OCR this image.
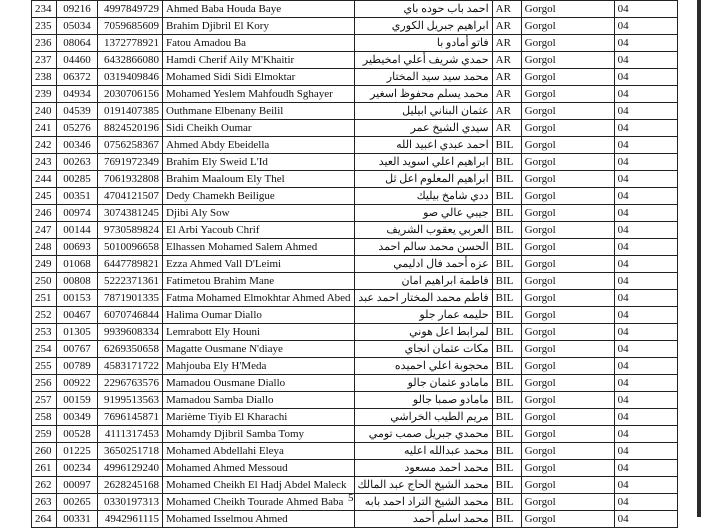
234	09216	4997849729	Ahmed Baba Houda Baye	احمد باب حوده باي	AR	Gorgol	04
235	05034	7059685609	Brahim Djibril El Kory	ابراهيم جبريل الكوري	AR	Gorgol	04
236	08064	1372778921	Fatou Amadou Ba	فاتو أمادو با	AR	Gorgol	04
237	04460	6432866080	Hamdi Cherif Aily M'Khaitir	حمدي شريف أعلي امخيطير	AR	Gorgol	04
238	06372	0319409846	Mohamed Sidi Sidi Elmoktar	محمد سيد سيد المختار	AR	Gorgol	04
239	04934	2030706156	Mohamed Yeslem Mahfoudh Sghayer	محمد يسلم محفوظ اسغير	AR	Gorgol	04
240	04539	0191407385	Outhmane Elbenany Beilil	عثمان البناني ابيليل	AR	Gorgol	04
241	05276	8824520196	Sidi Cheikh Oumar	سيدي الشيخ عمر	AR	Gorgol	04
242	00346	0756258367	Ahmed Abdy Ebeidella	احمد عبدي اعبيد الله	BIL	Gorgol	04
243	00263	7691972349	Brahim Ely Sweid L'Id	ابراهيم اعلي اسويد العيد	BIL	Gorgol	04
244	00285	7061932808	Brahim Maaloum Ely Thel	ابراهيم المعلوم اعل ثل	BIL	Gorgol	04
245	00351	4704121507	Dedy Chamekh Beiligue	ددي شامخ بيليك	BIL	Gorgol	04
246	00974	3074381245	Djibi Aly Sow	جيبي عالي صو	BIL	Gorgol	04
247	00144	9730589824	El Arbi Yacoub Chrif	العربي يعقوب الشريف	BIL	Gorgol	04
248	00693	5010096658	Elhassen Mohamed Salem Ahmed	الحسن محمد سالم احمد	BIL	Gorgol	04
249	01068	6447789821	Ezza Ahmed Vall D'Leimi	عزه أحمد فال ادليمي	BIL	Gorgol	04
250	00808	5222371361	Fatimetou Brahim Mane	فاطمة ابراهيم امان	BIL	Gorgol	04
251	00153	7871901335	Fatma Mohamed Elmokhtar Ahmed Abed	فاطم محمد المختار احمد عبد	BIL	Gorgol	04
252	00467	6070746844	Halima Oumar Diallo	حليمه عمار جلو	BIL	Gorgol	04
253	01305	9939608334	Lemrabott Ely Houni	لمرابط اعل هوني	BIL	Gorgol	04
254	00767	6269350658	Magatte Ousmane N'diaye	مكات عثمان انجاي	BIL	Gorgol	04
255	00789	4583171722	Mahjouba Ely H'Meda	محجوبة اعلي احميده	BIL	Gorgol	04
256	00922	2296763576	Mamadou Ousmane Diallo	مامادو عثمان جالو	BIL	Gorgol	04
257	00159	9199513563	Mamadou Samba Diallo	مامادو صمبا جالو	BIL	Gorgol	04
258	00349	7696145871	Marième Tiyib El Kharachi	مريم الطيب الخراشي	BIL	Gorgol	04
259	00528	4111317453	Mohamdy Djibril Samba Tomy	محمدي جبريل صمب تومي	BIL	Gorgol	04
260	01225	3650251718	Mohamed Abdellahi Eleya	محمد عبدالله اعليه	BIL	Gorgol	04
261	00234	4996129240	Mohamed Ahmed Messoud	محمد احمد مسعود	BIL	Gorgol	04
262	00097	2628245168	Mohamed Cheikh El Hadj Abdel Maleck	محمد الشيخ الحاج عبد المالك	BIL	Gorgol	04
263	00265	0330197313	Mohamed Cheikh Tourade Ahmed Baba	محمد الشيخ التراد احمد بابه	BIL	Gorgol	04
264	00331	4942961115	Mohamed Isselmou Ahmed	محمد اسلم أحمد	BIL	Gorgol	04
5
